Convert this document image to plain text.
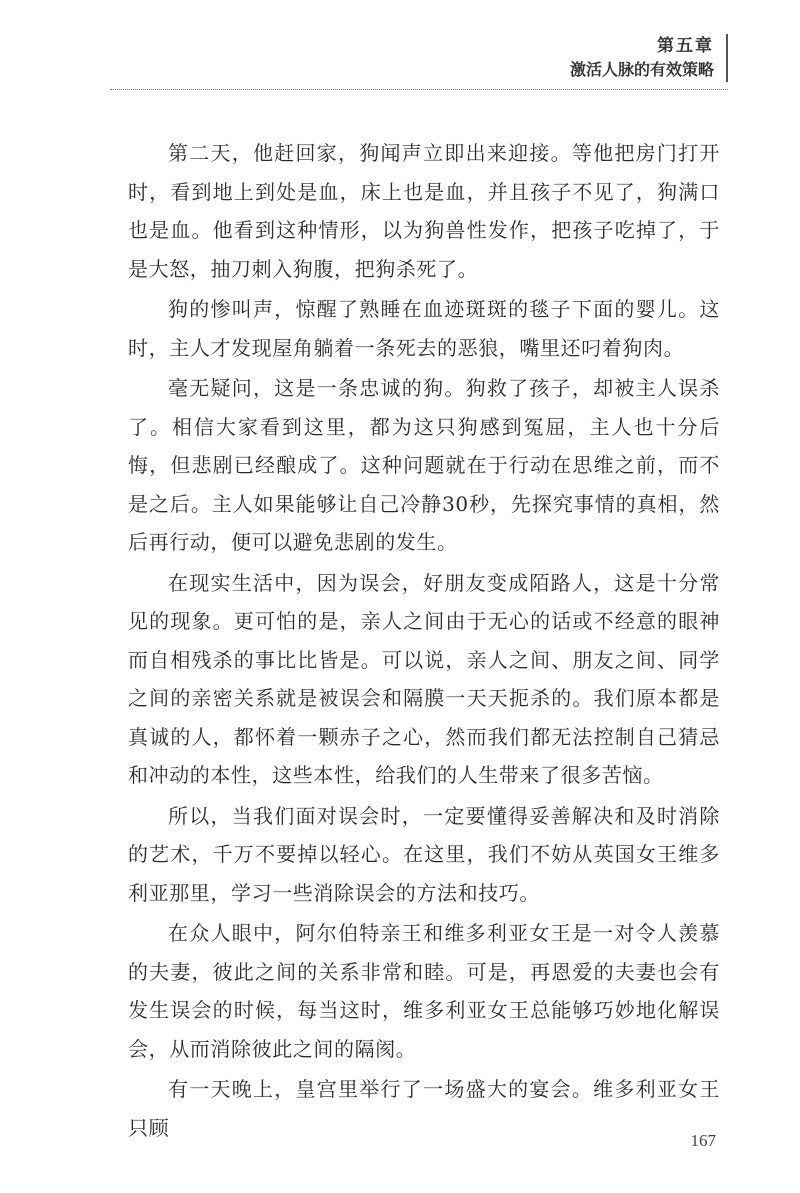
第五章
激活人脉的有效策略

第二天，他赶回家，狗闻声立即出来迎接。等他把房门打开时，看到地上到处是血，床上也是血，并且孩子不见了，狗满口也是血。他看到这种情形，以为狗兽性发作，把孩子吃掉了，于是大怒，抽刀刺入狗腹，把狗杀死了。

狗的惨叫声，惊醒了熟睡在血迹斑斑的毯子下面的婴儿。这时，主人才发现屋角躺着一条死去的恶狼，嘴里还叼着狗肉。

毫无疑问，这是一条忠诚的狗。狗救了孩子，却被主人误杀了。相信大家看到这里，都为这只狗感到冤屈，主人也十分后悔，但悲剧已经酿成了。这种问题就在于行动在思维之前，而不是之后。主人如果能够让自己冷静30秒，先探究事情的真相，然后再行动，便可以避免悲剧的发生。

在现实生活中，因为误会，好朋友变成陌路人，这是十分常见的现象。更可怕的是，亲人之间由于无心的话或不经意的眼神而自相残杀的事比比皆是。可以说，亲人之间、朋友之间、同学之间的亲密关系就是被误会和隔膜一天天扼杀的。我们原本都是真诚的人，都怀着一颗赤子之心，然而我们都无法控制自己猜忌和冲动的本性，这些本性，给我们的人生带来了很多苦恼。

所以，当我们面对误会时，一定要懂得妥善解决和及时消除的艺术，千万不要掉以轻心。在这里，我们不妨从英国女王维多利亚那里，学习一些消除误会的方法和技巧。

在众人眼中，阿尔伯特亲王和维多利亚女王是一对令人羡慕的夫妻，彼此之间的关系非常和睦。可是，再恩爱的夫妻也会有发生误会的时候，每当这时，维多利亚女王总能够巧妙地化解误会，从而消除彼此之间的隔阂。

有一天晚上，皇宫里举行了一场盛大的宴会。维多利亚女王只顾

167
